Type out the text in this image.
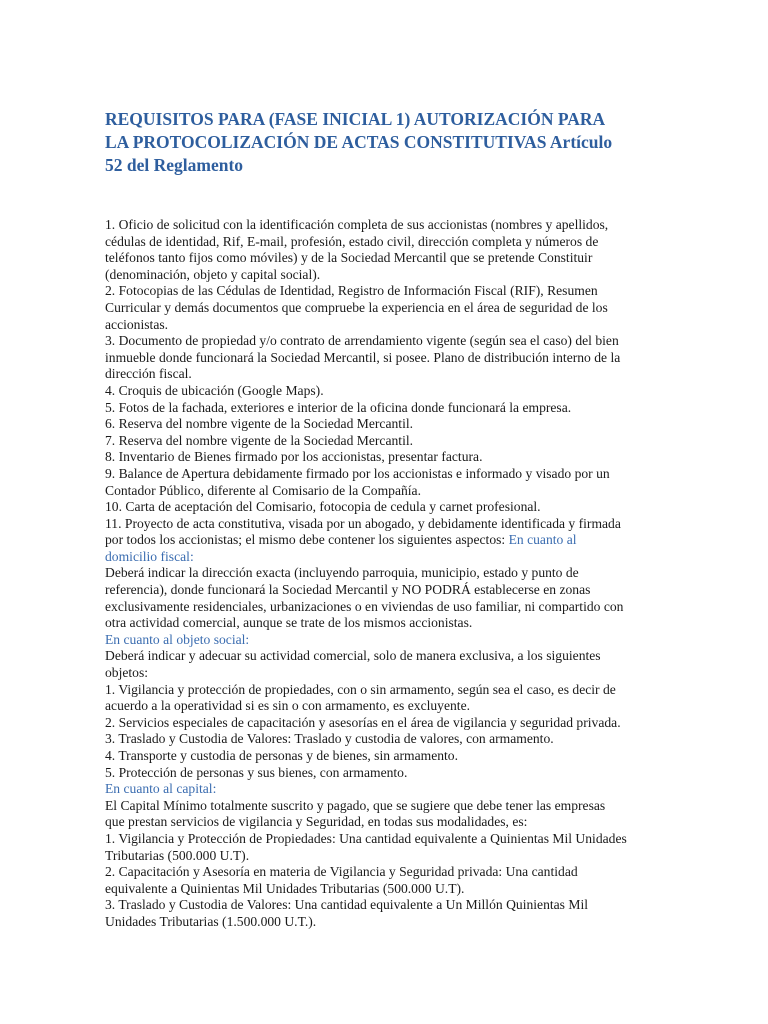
REQUISITOS PARA (FASE INICIAL 1) AUTORIZACIÓN PARA
LA PROTOCOLIZACIÓN DE ACTAS CONSTITUTIVAS Artículo
52 del Reglamento
1. Oficio de solicitud con la identificación completa de sus accionistas (nombres y apellidos,
cédulas de identidad, Rif, E-mail, profesión, estado civil, dirección completa y números de
teléfonos tanto fijos como móviles) y de la Sociedad Mercantil que se pretende Constituir
(denominación, objeto y capital social).
2. Fotocopias de las Cédulas de Identidad, Registro de Información Fiscal (RIF), Resumen
Curricular y demás documentos que compruebe la experiencia en el área de seguridad de los
accionistas.
3. Documento de propiedad y/o contrato de arrendamiento vigente (según sea el caso) del bien
inmueble donde funcionará la Sociedad Mercantil, si posee. Plano de distribución interno de la
dirección fiscal.
4. Croquis de ubicación (Google Maps).
5. Fotos de la fachada, exteriores e interior de la oficina donde funcionará la empresa.
6. Reserva del nombre vigente de la Sociedad Mercantil.
7. Reserva del nombre vigente de la Sociedad Mercantil.
8. Inventario de Bienes firmado por los accionistas, presentar factura.
9. Balance de Apertura debidamente firmado por los accionistas e informado y visado por un
Contador Público, diferente al Comisario de la Compañía.
10. Carta de aceptación del Comisario, fotocopia de cedula y carnet profesional.
11. Proyecto de acta constitutiva, visada por un abogado, y debidamente identificada y firmada
por todos los accionistas; el mismo debe contener los siguientes aspectos: En cuanto al
domicilio fiscal:
Deberá indicar la dirección exacta (incluyendo parroquia, municipio, estado y punto de
referencia), donde funcionará la Sociedad Mercantil y NO PODRÁ establecerse en zonas
exclusivamente residenciales, urbanizaciones o en viviendas de uso familiar, ni compartido con
otra actividad comercial, aunque se trate de los mismos accionistas.
En cuanto al objeto social:
Deberá indicar y adecuar su actividad comercial, solo de manera exclusiva, a los siguientes
objetos:
1. Vigilancia y protección de propiedades, con o sin armamento, según sea el caso, es decir de
acuerdo a la operatividad si es sin o con armamento, es excluyente.
2. Servicios especiales de capacitación y asesorías en el área de vigilancia y seguridad privada.
3. Traslado y Custodia de Valores: Traslado y custodia de valores, con armamento.
4. Transporte y custodia de personas y de bienes, sin armamento.
5. Protección de personas y sus bienes, con armamento.
En cuanto al capital:
El Capital Mínimo totalmente suscrito y pagado, que se sugiere que debe tener las empresas
que prestan servicios de vigilancia y Seguridad, en todas sus modalidades, es:
1. Vigilancia y Protección de Propiedades: Una cantidad equivalente a Quinientas Mil Unidades
Tributarias (500.000 U.T).
2. Capacitación y Asesoría en materia de Vigilancia y Seguridad privada: Una cantidad
equivalente a Quinientas Mil Unidades Tributarias (500.000 U.T).
3. Traslado y Custodia de Valores: Una cantidad equivalente a Un Millón Quinientas Mil
Unidades Tributarias (1.500.000 U.T.).
